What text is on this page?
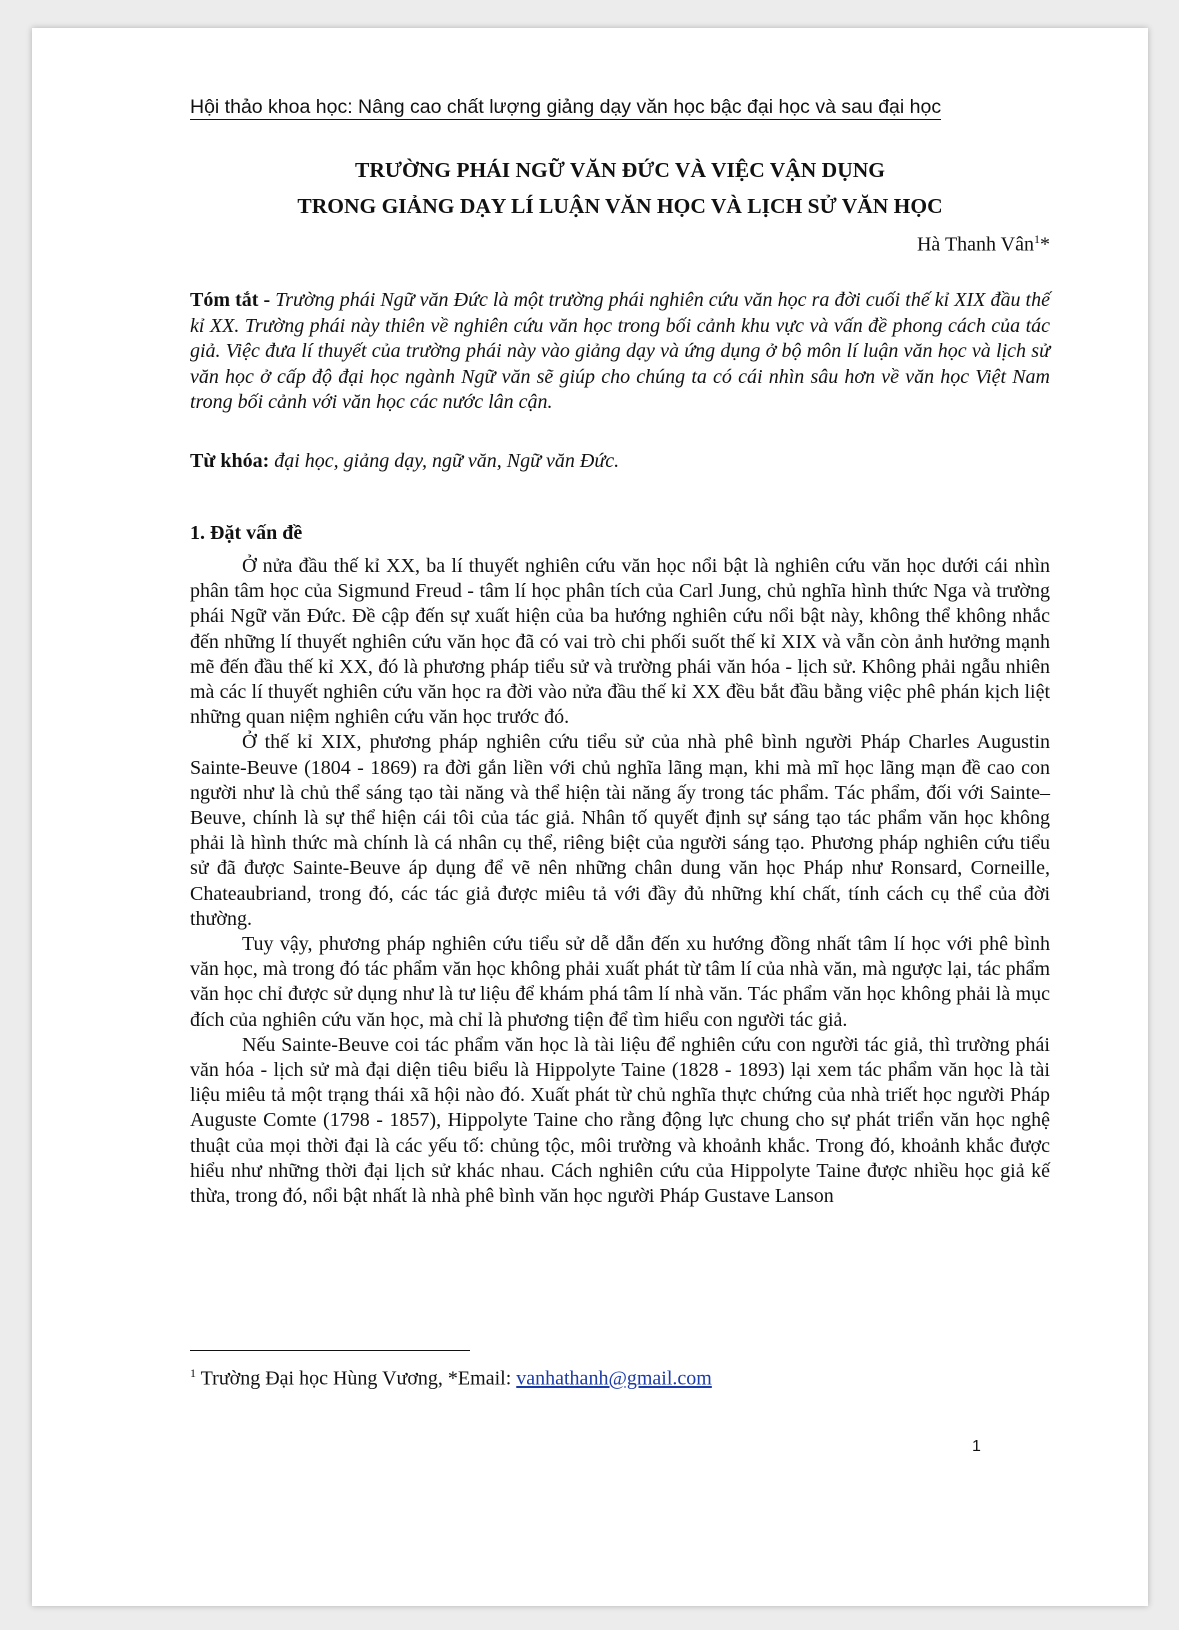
Hội thảo khoa học: Nâng cao chất lượng giảng dạy văn học bậc đại học và sau đại học
TRƯỜNG PHÁI NGỮ VĂN ĐỨC VÀ VIỆC VẬN DỤNG
TRONG GIẢNG DẠY LÍ LUẬN VĂN HỌC VÀ LỊCH SỬ VĂN HỌC
Hà Thanh Vân$^1$*
Tóm tắt - Trường phái Ngữ văn Đức là một trường phái nghiên cứu văn học ra đời cuối thế kỉ XIX đầu thế kỉ XX. Trường phái này thiên về nghiên cứu văn học trong bối cảnh khu vực và vấn đề phong cách của tác giả. Việc đưa lí thuyết của trường phái này vào giảng dạy và ứng dụng ở bộ môn lí luận văn học và lịch sử văn học ở cấp độ đại học ngành Ngữ văn sẽ giúp cho chúng ta có cái nhìn sâu hơn về văn học Việt Nam trong bối cảnh với văn học các nước lân cận.
Từ khóa: đại học, giảng dạy, ngữ văn, Ngữ văn Đức.
1. Đặt vấn đề

Ở nửa đầu thế kỉ XX, ba lí thuyết nghiên cứu văn học nổi bật là nghiên cứu văn học dưới cái nhìn phân tâm học của Sigmund Freud - tâm lí học phân tích của Carl Jung, chủ nghĩa hình thức Nga và trường phái Ngữ văn Đức. Đề cập đến sự xuất hiện của ba hướng nghiên cứu nổi bật này, không thể không nhắc đến những lí thuyết nghiên cứu văn học đã có vai trò chi phối suốt thế kỉ XIX và vẫn còn ảnh hưởng mạnh mẽ đến đầu thế kỉ XX, đó là phương pháp tiểu sử và trường phái văn hóa - lịch sử. Không phải ngẫu nhiên mà các lí thuyết nghiên cứu văn học ra đời vào nửa đầu thế kỉ XX đều bắt đầu bằng việc phê phán kịch liệt những quan niệm nghiên cứu văn học trước đó.

Ở thế kỉ XIX, phương pháp nghiên cứu tiểu sử của nhà phê bình người Pháp Charles Augustin Sainte-Beuve (1804 - 1869) ra đời gắn liền với chủ nghĩa lãng mạn, khi mà mĩ học lãng mạn đề cao con người như là chủ thể sáng tạo tài năng và thể hiện tài năng ấy trong tác phẩm. Tác phẩm, đối với Sainte–Beuve, chính là sự thể hiện cái tôi của tác giả. Nhân tố quyết định sự sáng tạo tác phẩm văn học không phải là hình thức mà chính là cá nhân cụ thể, riêng biệt của người sáng tạo. Phương pháp nghiên cứu tiểu sử đã được Sainte-Beuve áp dụng để vẽ nên những chân dung văn học Pháp như Ronsard, Corneille, Chateaubriand, trong đó, các tác giả được miêu tả với đầy đủ những khí chất, tính cách cụ thể của đời thường.

Tuy vậy, phương pháp nghiên cứu tiểu sử dễ dẫn đến xu hướng đồng nhất tâm lí học với phê bình văn học, mà trong đó tác phẩm văn học không phải xuất phát từ tâm lí của nhà văn, mà ngược lại, tác phẩm văn học chỉ được sử dụng như là tư liệu để khám phá tâm lí nhà văn. Tác phẩm văn học không phải là mục đích của nghiên cứu văn học, mà chỉ là phương tiện để tìm hiểu con người tác giả.

Nếu Sainte-Beuve coi tác phẩm văn học là tài liệu để nghiên cứu con người tác giả, thì trường phái văn hóa - lịch sử mà đại diện tiêu biểu là Hippolyte Taine (1828 - 1893) lại xem tác phẩm văn học là tài liệu miêu tả một trạng thái xã hội nào đó. Xuất phát từ chủ nghĩa thực chứng của nhà triết học người Pháp Auguste Comte (1798 - 1857), Hippolyte Taine cho rằng động lực chung cho sự phát triển văn học nghệ thuật của mọi thời đại là các yếu tố: chủng tộc, môi trường và khoảnh khắc. Trong đó, khoảnh khắc được hiểu như những thời đại lịch sử khác nhau. Cách nghiên cứu của Hippolyte Taine được nhiều học giả kế thừa, trong đó, nổi bật nhất là nhà phê bình văn học người Pháp Gustave Lanson

$^1$ Trường Đại học Hùng Vương, *Email: vanhathanh@gmail.com
1
